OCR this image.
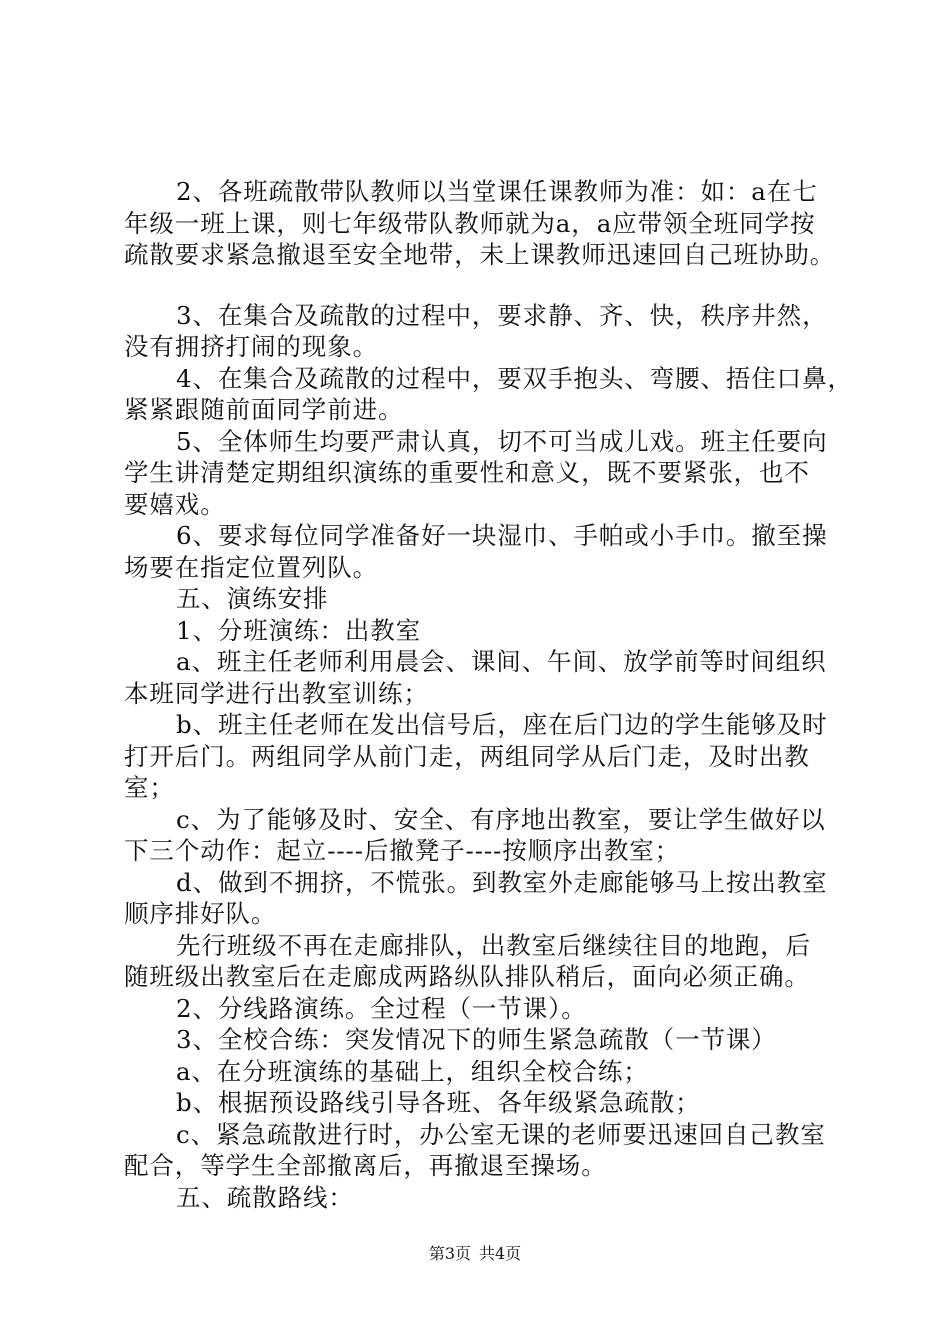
2、各班疏散带队教师以当堂课任课教师为准：如：a在七
年级一班上课，则七年级带队教师就为a，a应带领全班同学按
疏散要求紧急撤退至安全地带，未上课教师迅速回自己班协助。
3、在集合及疏散的过程中，要求静、齐、快，秩序井然，
没有拥挤打闹的现象。
4、在集合及疏散的过程中，要双手抱头、弯腰、捂住口鼻，
紧紧跟随前面同学前进。
5、全体师生均要严肃认真，切不可当成儿戏。班主任要向
学生讲清楚定期组织演练的重要性和意义，既不要紧张，也不
要嬉戏。
6、要求每位同学准备好一块湿巾、手帕或小手巾。撤至操
场要在指定位置列队。
五、演练安排
1、分班演练：出教室
a、班主任老师利用晨会、课间、午间、放学前等时间组织
本班同学进行出教室训练；
b、班主任老师在发出信号后，座在后门边的学生能够及时
打开后门。两组同学从前门走，两组同学从后门走，及时出教
室；
c、为了能够及时、安全、有序地出教室，要让学生做好以
下三个动作：起立----后撤凳子----按顺序出教室；
d、做到不拥挤，不慌张。到教室外走廊能够马上按出教室
顺序排好队。
先行班级不再在走廊排队，出教室后继续往目的地跑，后
随班级出教室后在走廊成两路纵队排队稍后，面向必须正确。
2、分线路演练。全过程（一节课）。
3、全校合练：突发情况下的师生紧急疏散（一节课）
a、在分班演练的基础上，组织全校合练；
b、根据预设路线引导各班、各年级紧急疏散；
c、紧急疏散进行时，办公室无课的老师要迅速回自己教室
配合，等学生全部撤离后，再撤退至操场。
五、疏散路线：
第3页 共4页
